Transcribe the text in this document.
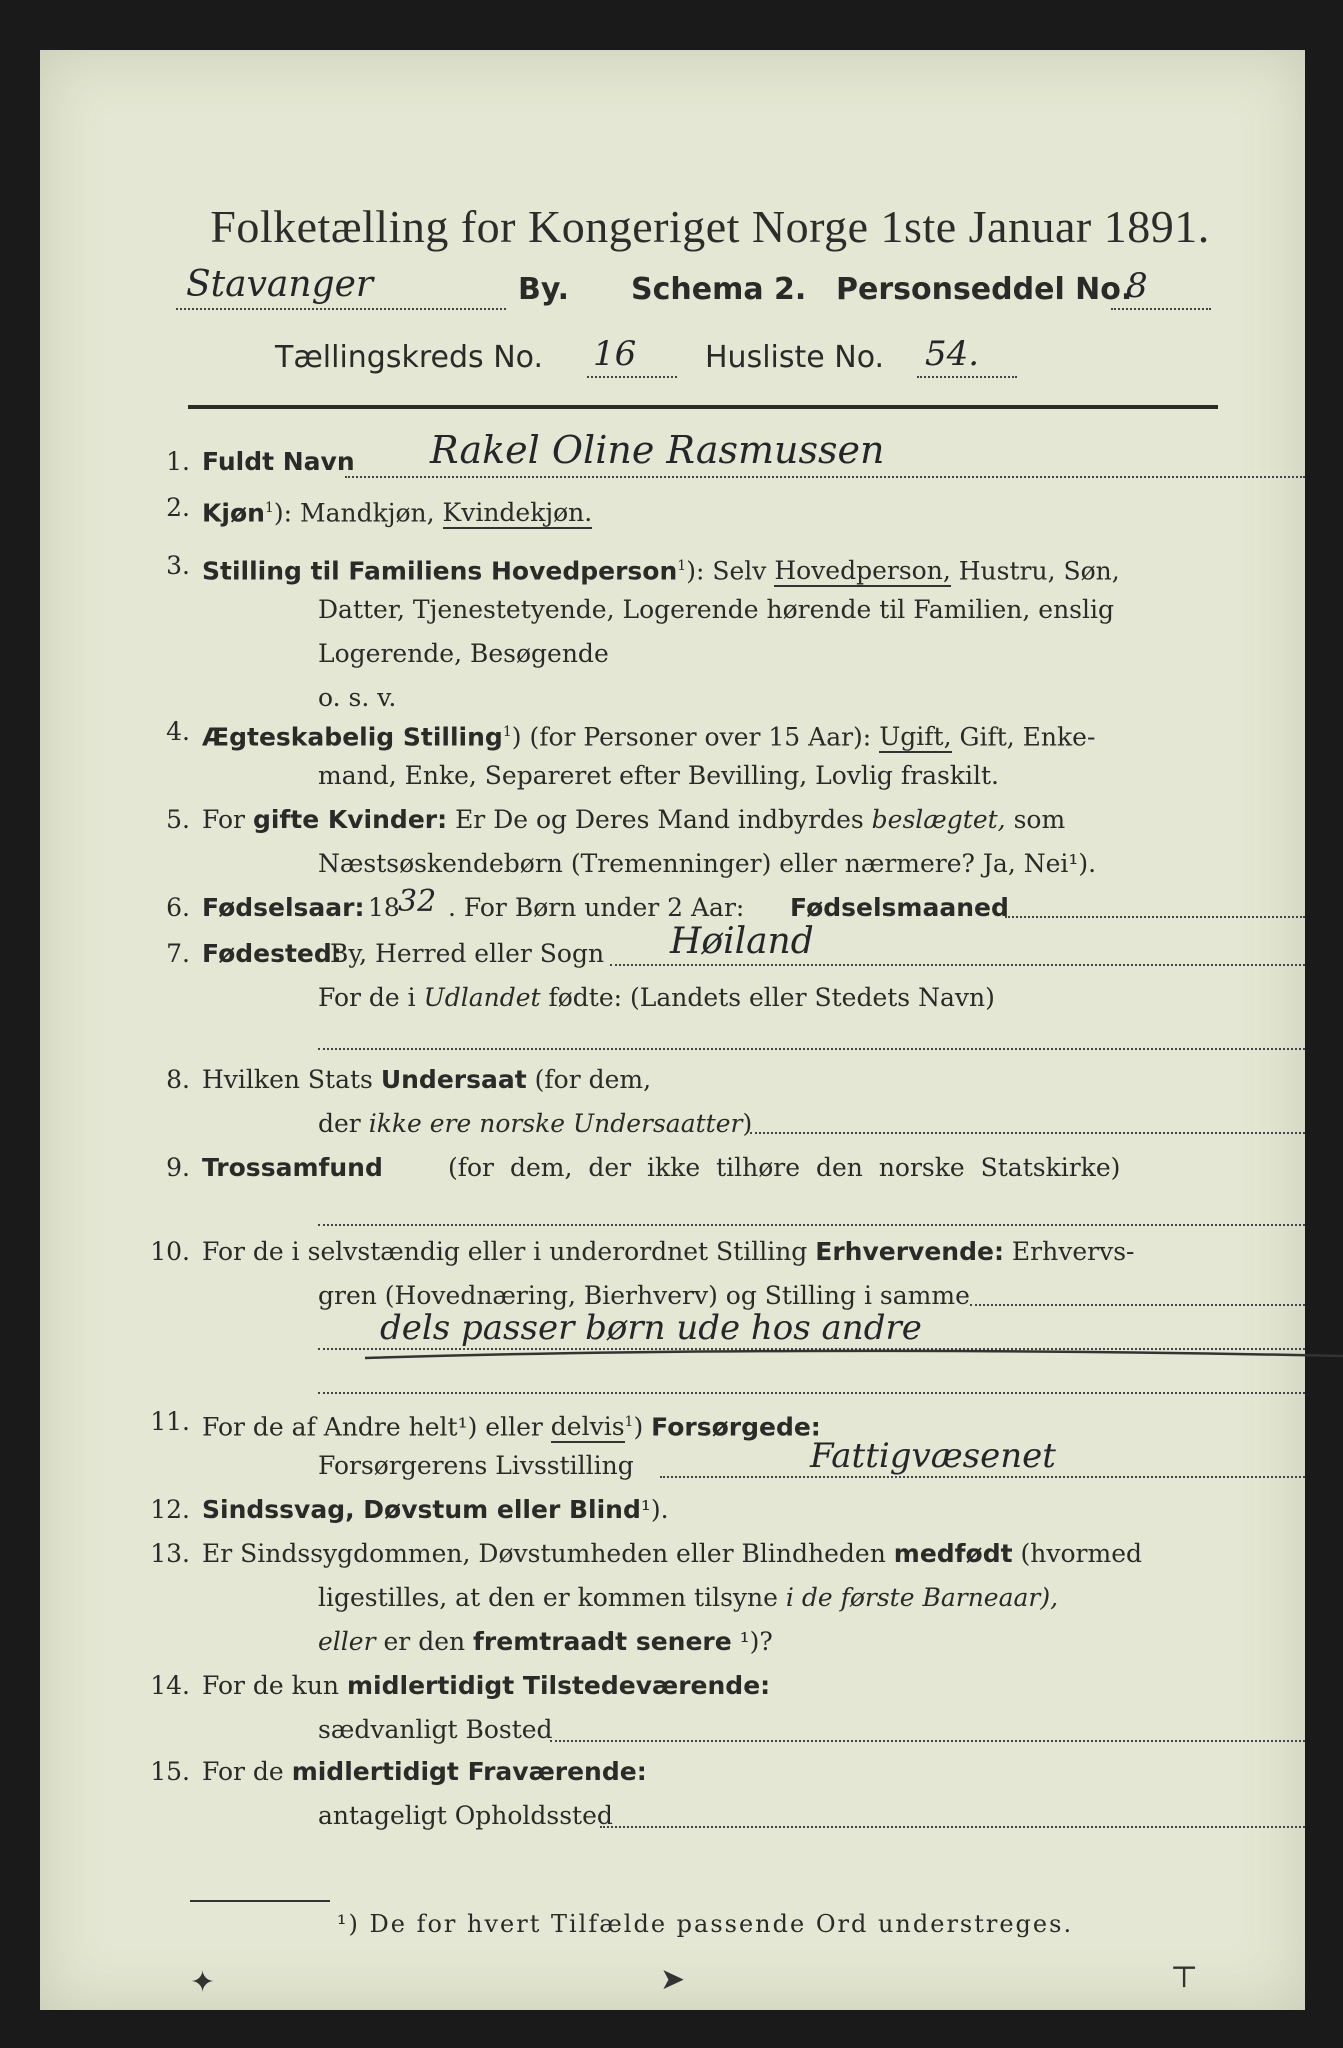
Folketælling for Kongeriget Norge 1ste Januar 1891.
Stavanger	By. Schema 2. Personseddel No.
8
Tællingskreds No. 16 Husliste No. 54.
1. Fuldt Navn Rakel Oline Rasmussen
2. Kjøn$^1$): Mandkjøn, Kvindekjøn.
3. Stilling til Familiens Hovedperson$^1$): Selv Hovedperson, Hustru, Søn,
Datter, Tjenestetyende, Logerende hørende til Familien, enslig
Logerende, Besøgende
o. s. v.
4. Ægteskabelig Stilling$^1$) (for Personer over 15 Aar): Ugift, Gift, Enke-
mand, Enke, Separeret efter Bevilling, Lovlig fraskilt.
5. For gifte Kvinder: Er De og Deres Mand indbyrdes beslægtet, som
Næstsøskendebørn (Tremenninger) eller nærmere? Ja, Nei¹).
6. Fødselsaar: 18
32 . For Børn under 2 Aar: Fødselsmaaned
7. Fødested:
By, Herred eller Sogn Høiland
For de i Udlandet fødte: (Landets eller Stedets Navn)
8. Hvilken Stats Undersaat (for dem,
der ikke ere norske Undersaatter)
9. Trossamfund	(for dem, der ikke tilhøre den norske Statskirke)
10. For de i selvstændig eller i underordnet Stilling Erhvervende: Erhvervs-
gren (Hovednæring, Bierhverv) og Stilling i samme
dels passer børn ude hos andre
11. For de af Andre helt¹) eller delvis$^1$) Forsørgede:
Forsørgerens Livsstilling	Fattigvæsenet
12. Sindssvag, Døvstum eller Blind¹).
13. Er Sindssygdommen, Døvstumheden eller Blindheden medfødt (hvormed
ligestilles, at den er kommen tilsyne i de første Barneaar),
eller er den fremtraadt senere ¹)?
14. For de kun midlertidigt Tilstedeværende:
sædvanligt Bosted
15. For de midlertidigt Fraværende:
antageligt Opholdssted
¹) De for hvert Tilfælde passende Ord understreges.
✦	➤	⊤
